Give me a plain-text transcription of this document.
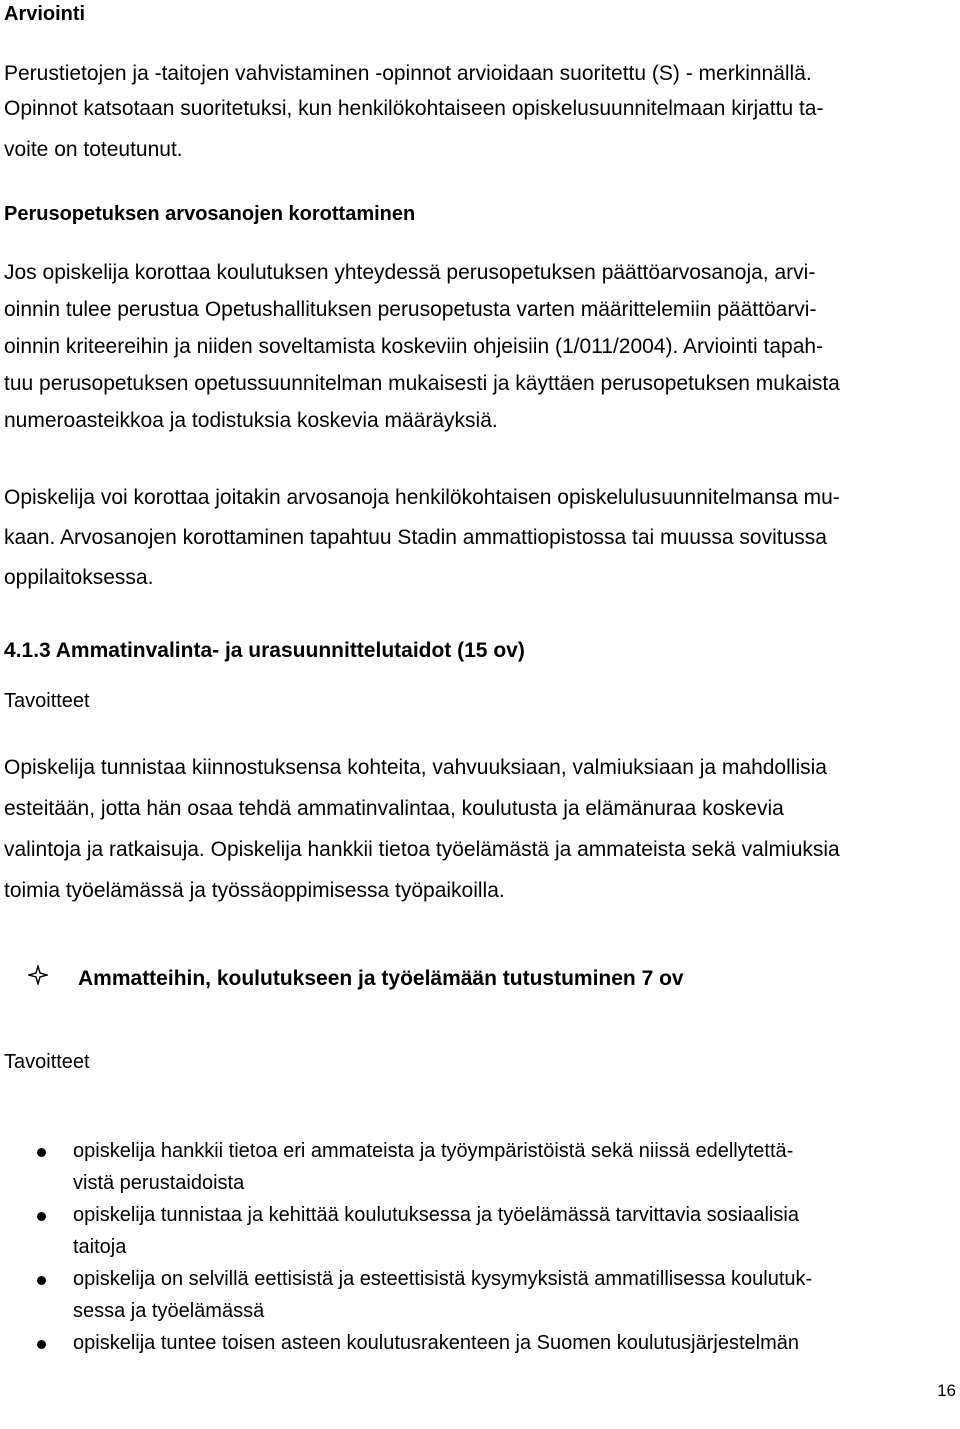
Arviointi
Perustietojen ja -taitojen vahvistaminen -opinnot arvioidaan suoritettu (S) - merkinnällä.
Opinnot katsotaan suoritetuksi, kun henkilökohtaiseen opiskelusuunnitelmaan kirjattu ta-
voite on toteutunut.
Perusopetuksen arvosanojen korottaminen
Jos opiskelija korottaa koulutuksen yhteydessä perusopetuksen päättöarvosanoja, arvi-
oinnin tulee perustua Opetushallituksen perusopetusta varten määrittelemiin päättöarvi-
oinnin kriteereihin ja niiden soveltamista koskeviin ohjeisiin (1/011/2004). Arviointi tapah-
tuu perusopetuksen opetussuunnitelman mukaisesti ja käyttäen perusopetuksen mukaista
numeroasteikkoa ja todistuksia koskevia määräyksiä.
Opiskelija voi korottaa joitakin arvosanoja henkilökohtaisen opiskelulusuunnitelmansa mu-
kaan. Arvosanojen korottaminen tapahtuu Stadin ammattiopistossa tai muussa sovitussa
oppilaitoksessa.
4.1.3 Ammatinvalinta- ja urasuunnittelutaidot (15 ov)
Tavoitteet
Opiskelija tunnistaa kiinnostuksensa kohteita, vahvuuksiaan, valmiuksiaan ja mahdollisia
esteitään, jotta hän osaa tehdä ammatinvalintaa, koulutusta ja elämänuraa koskevia
valintoja ja ratkaisuja. Opiskelija hankkii tietoa työelämästä ja ammateista sekä valmiuksia
toimia työelämässä ja työssäoppimisessa työpaikoilla.
Ammatteihin, koulutukseen ja työelämään tutustuminen 7 ov
Tavoitteet
opiskelija hankkii tietoa eri ammateista ja työympäristöistä sekä niissä edellytettä-
vistä perustaidoista
opiskelija tunnistaa ja kehittää koulutuksessa ja työelämässä tarvittavia sosiaalisia
taitoja
opiskelija on selvillä eettisistä ja esteettisistä kysymyksistä ammatillisessa koulutuk-
sessa ja työelämässä
opiskelija tuntee toisen asteen koulutusrakenteen ja Suomen koulutusjärjestelmän
16
